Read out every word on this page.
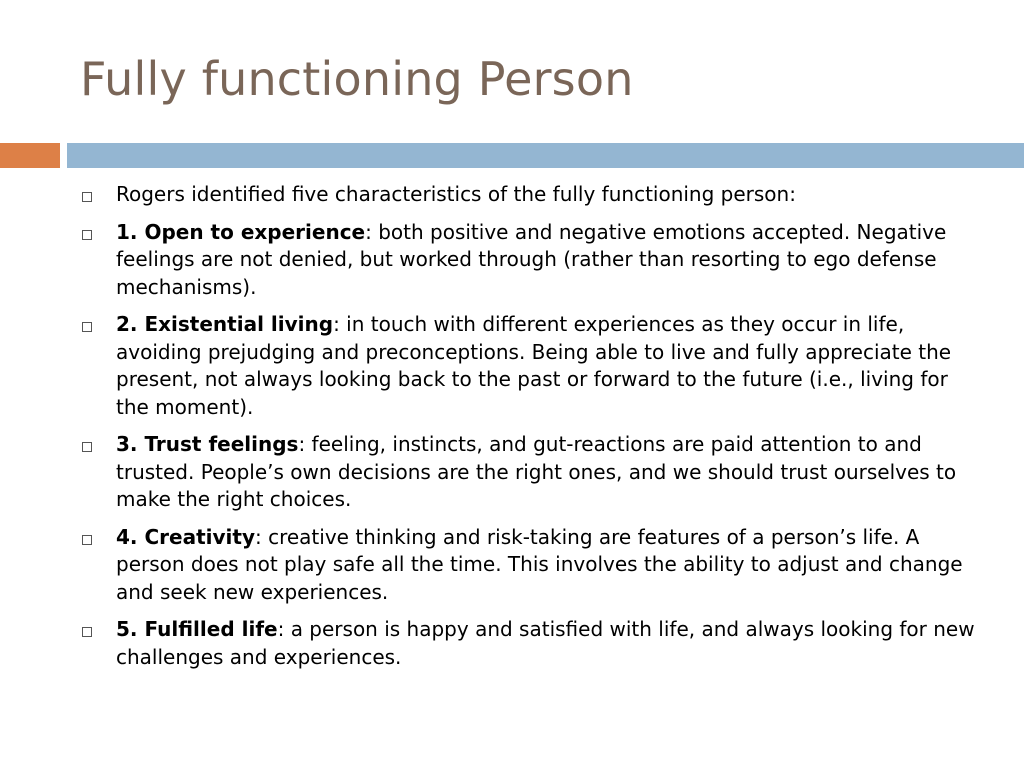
Fully functioning Person
Rogers identified five characteristics of the fully functioning person:
1. Open to experience: both positive and negative emotions accepted. Negative feelings are not denied, but worked through (rather than resorting to ego defense mechanisms).
2. Existential living: in touch with different experiences as they occur in life, avoiding prejudging and preconceptions. Being able to live and fully appreciate the present, not always looking back to the past or forward to the future (i.e., living for the moment).
3. Trust feelings: feeling, instincts, and gut-reactions are paid attention to and trusted. People’s own decisions are the right ones, and we should trust ourselves to make the right choices.
4. Creativity: creative thinking and risk-taking are features of a person’s life. A person does not play safe all the time. This involves the ability to adjust and change and seek new experiences.
5. Fulfilled life: a person is happy and satisfied with life, and always looking for new challenges and experiences.
